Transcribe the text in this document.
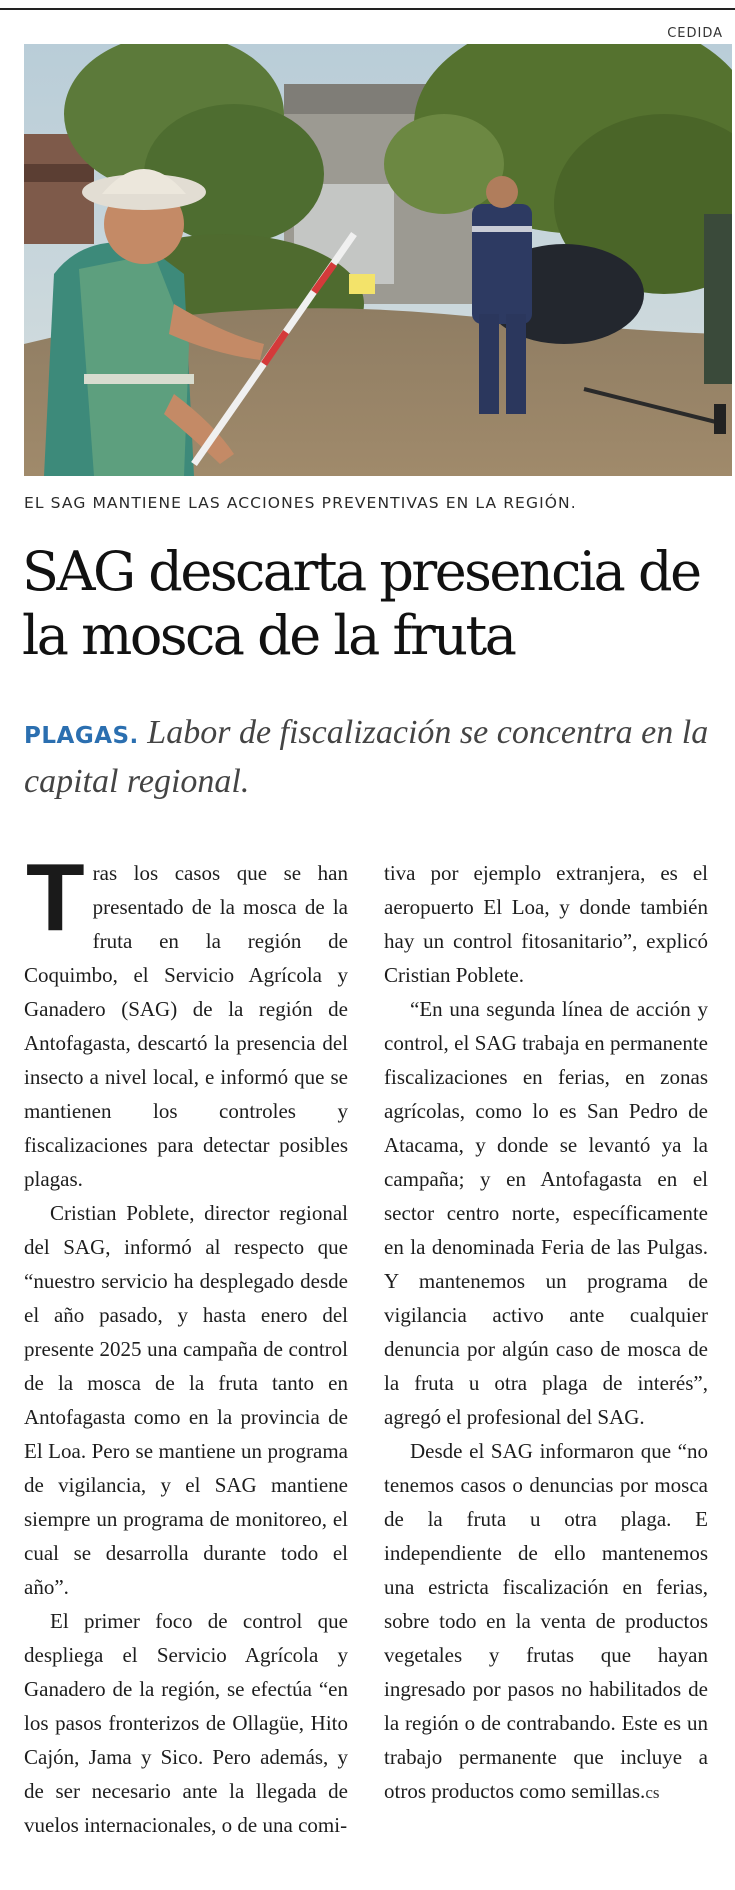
CEDIDA
EL SAG MANTIENE LAS ACCIONES PREVENTIVAS EN LA REGIÓN.
SAG descarta presencia de la mosca de la fruta

PLAGAS. Labor de fiscalización se concentra en la capital regional.

Tras los casos que se han presentado de la mosca de la fruta en la región de Coquimbo, el Servicio Agrícola y Ganadero (SAG) de la región de Antofagasta, descartó la presencia del insecto a nivel local, e informó que se mantienen los controles y fiscalizaciones para detectar posibles plagas.

Cristian Poblete, director regional del SAG, informó al respecto que “nuestro servicio ha desplegado desde el año pasado, y hasta enero del presente 2025 una campaña de control de la mosca de la fruta tanto en Antofagasta como en la provincia de El Loa. Pero se mantiene un programa de vigilancia, y el SAG mantiene siempre un programa de monitoreo, el cual se desarrolla durante todo el año”.

El primer foco de control que despliega el Servicio Agrícola y Ganadero de la región, se efectúa “en los pasos fronterizos de Ollagüe, Hito Cajón, Jama y Sico. Pero además, y de ser necesario ante la llegada de vuelos internacionales, o de una comi-

tiva por ejemplo extranjera, es el aeropuerto El Loa, y donde también hay un control fitosanitario”, explicó Cristian Poblete.

“En una segunda línea de acción y control, el SAG trabaja en permanente fiscalizaciones en ferias, en zonas agrícolas, como lo es San Pedro de Atacama, y donde se levantó ya la campaña; y en Antofagasta en el sector centro norte, específicamente en la denominada Feria de las Pulgas. Y mantenemos un programa de vigilancia activo ante cualquier denuncia por algún caso de mosca de la fruta u otra plaga de interés”, agregó el profesional del SAG.

Desde el SAG informaron que “no tenemos casos o denuncias por mosca de la fruta u otra plaga. E independiente de ello mantenemos una estricta fiscalización en ferias, sobre todo en la venta de productos vegetales y frutas que hayan ingresado por pasos no habilitados de la región o de contrabando. Este es un trabajo permanente que incluye a otros productos como semillas.cs
